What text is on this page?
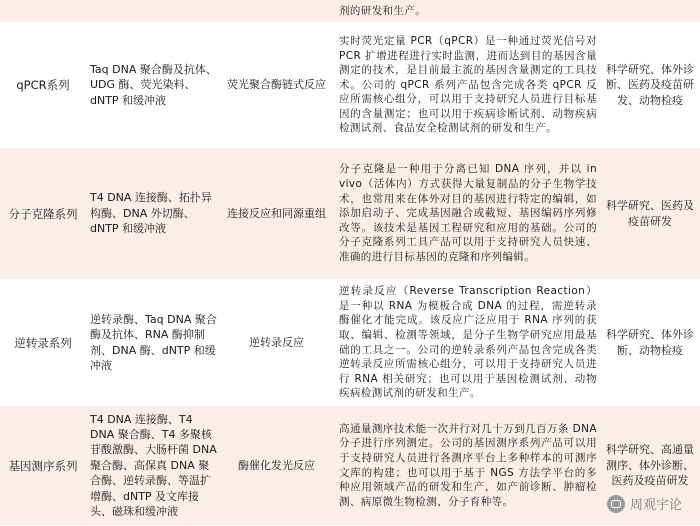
			剂的研发和生产。	
qPCR系列	Taq DNA 聚合酶及抗体、UDG 酶、荧光染料、dNTP 和缓冲液	荧光聚合酶链式反应	实时荧光定量 PCR（qPCR）是一种通过荧光信号对 PCR 扩增进程进行实时监测，进而达到目的基因含量测定的技术，是目前最主流的基因含量测定的工具技术。公司的 qPCR 系列产品包含完成各类 qPCR 反应所需核心组分，可以用于支持研究人员进行目标基因的含量测定；也可以用于疾病诊断试剂、动物疾病检测试剂、食品安全检测试剂的研发和生产。	科学研究、体外诊断、医药及疫苗研发、动物检疫
分子克隆系列	T4 DNA 连接酶、拓扑异构酶、DNA 外切酶、dNTP 和缓冲液	连接反应和同源重组	分子克隆是一种用于分离已知 DNA 序列，并以 in vivo（活体内）方式获得大量复制品的分子生物学技术，也常用来在体外对目的基因进行特定的编辑，如添加启动子、完成基因融合或截短、基因编码序列修改等。该技术是基因工程研究和应用的基础。公司的分子克隆系列工具产品可以用于支持研究人员快速、准确的进行目标基因的克隆和序列编辑。	科学研究、医药及疫苗研发
逆转录系列	逆转录酶、Taq DNA 聚合酶及抗体、RNA 酶抑制剂、DNA 酶、dNTP 和缓冲液	逆转录反应	逆转录反应（Reverse Transcription Reaction）是一种以 RNA 为模板合成 DNA 的过程，需逆转录酶催化才能完成。该反应广泛应用于 RNA 序列的获取、编辑、检测等领域，是分子生物学研究应用最基础的工具之一。公司的逆转录系列产品包含完成各类逆转录反应所需核心组分，可以用于支持研究人员进行 RNA 相关研究；也可以用于基因检测试剂、动物疾病检测试剂的研发和生产。	科学研究、体外诊断、动物检疫
基因测序系列	T4 DNA 连接酶、T4 DNA 聚合酶、T4 多聚核苷酸激酶、大肠杆菌 DNA 聚合酶、高保真 DNA 聚合酶、逆转录酶、等温扩增酶、dNTP 及文库接头、磁珠和缓冲液	酶催化发光反应	高通量测序技术能一次并行对几十万到几百万条 DNA 分子进行序列测定。公司的基因测序系列产品可以用于支持研究人员进行各测序平台上多种样本的可测序文库的构建；也可以用于基于 NGS 方法学平台的多种应用领域产品的研发和生产，如产前诊断、肿瘤检测、病原微生物检测、分子育种等。	科学研究、高通量测序、体外诊断、医药及疫苗研发
周观宇论
